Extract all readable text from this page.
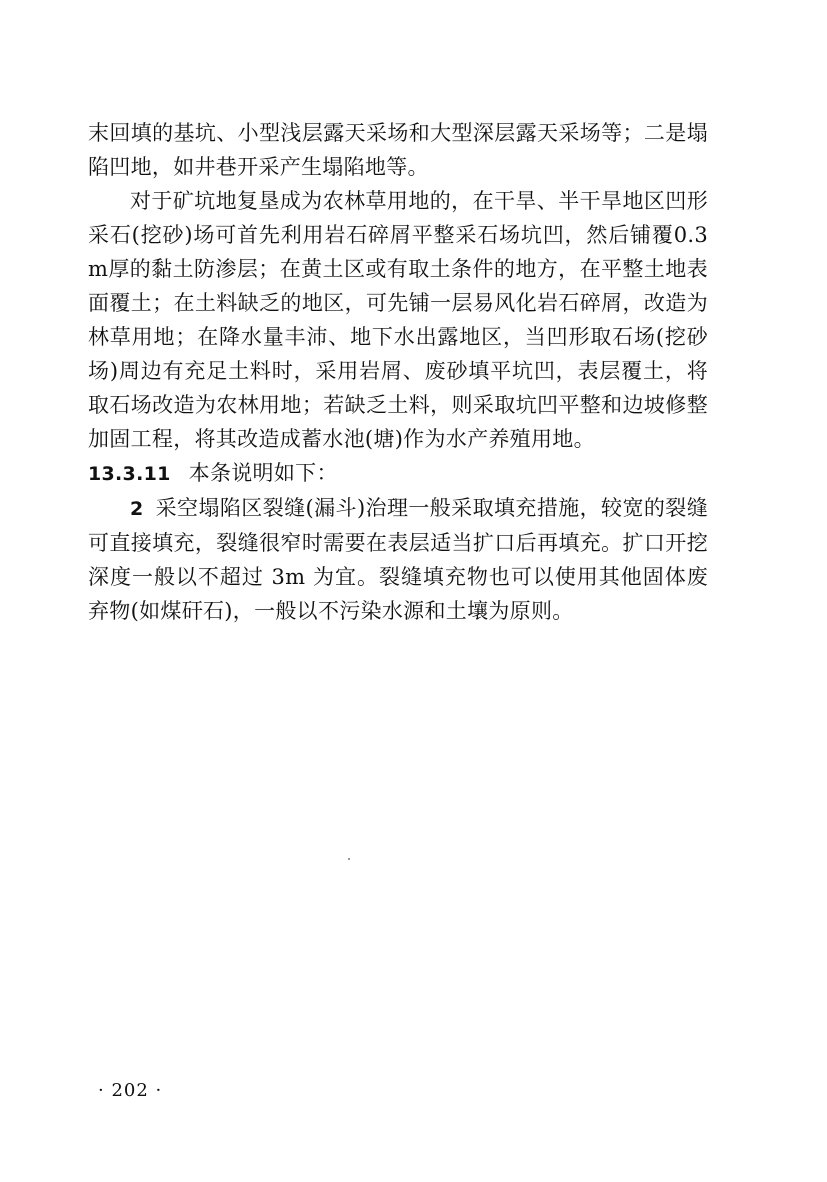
末回填的基坑、小型浅层露天采场和大型深层露天采场等；二是塌陷凹地，如井巷开采产生塌陷地等。

对于矿坑地复垦成为农林草用地的，在干旱、半干旱地区凹形采石(挖砂)场可首先利用岩石碎屑平整采石场坑凹，然后铺覆0.3m厚的黏土防渗层；在黄土区或有取土条件的地方，在平整土地表面覆土；在土料缺乏的地区，可先铺一层易风化岩石碎屑，改造为林草用地；在降水量丰沛、地下水出露地区，当凹形取石场(挖砂场)周边有充足土料时，采用岩屑、废砂填平坑凹，表层覆土，将取石场改造为农林用地；若缺乏土料，则采取坑凹平整和边坡修整加固工程，将其改造成蓄水池(塘)作为水产养殖用地。

13.3.11 本条说明如下：

2 采空塌陷区裂缝(漏斗)治理一般采取填充措施，较宽的裂缝可直接填充，裂缝很窄时需要在表层适当扩口后再填充。扩口开挖深度一般以不超过 3m 为宜。裂缝填充物也可以使用其他固体废弃物(如煤矸石)，一般以不污染水源和土壤为原则。

· 202 ·
